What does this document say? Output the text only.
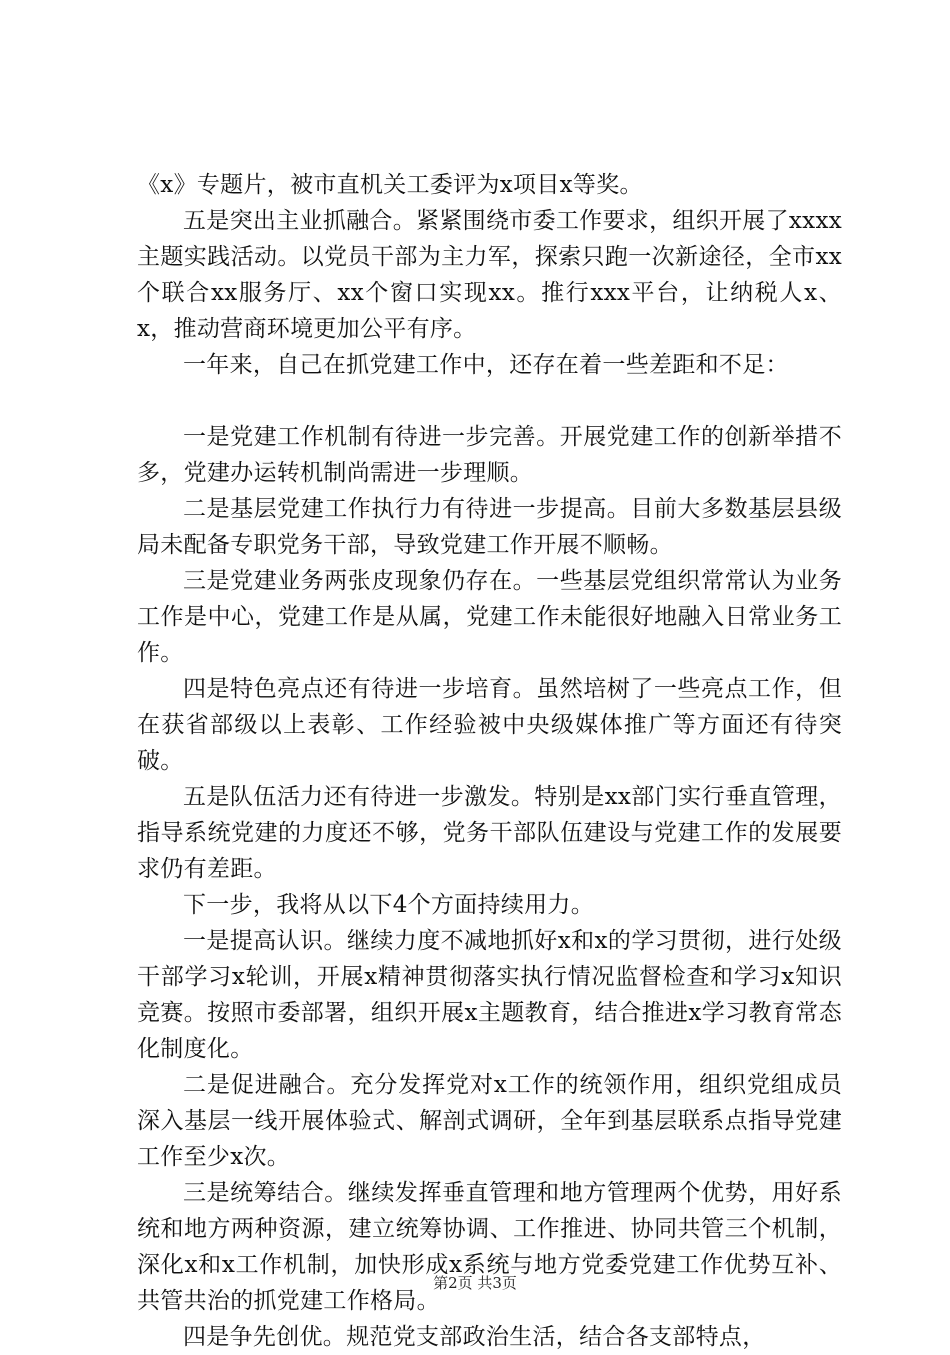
《x》专题片，被市直机关工委评为x项目x等奖。

五是突出主业抓融合。紧紧围绕市委工作要求，组织开展了xxxx主题实践活动。以党员干部为主力军，探索只跑一次新途径，全市xx个联合xx服务厅、xx个窗口实现xx。推行xxx平台，让纳税人x、x，推动营商环境更加公平有序。

一年来，自己在抓党建工作中，还存在着一些差距和不足：

一是党建工作机制有待进一步完善。开展党建工作的创新举措不多，党建办运转机制尚需进一步理顺。

二是基层党建工作执行力有待进一步提高。目前大多数基层县级局未配备专职党务干部，导致党建工作开展不顺畅。

三是党建业务两张皮现象仍存在。一些基层党组织常常认为业务工作是中心，党建工作是从属，党建工作未能很好地融入日常业务工作。

四是特色亮点还有待进一步培育。虽然培树了一些亮点工作，但在获省部级以上表彰、工作经验被中央级媒体推广等方面还有待突破。

五是队伍活力还有待进一步激发。特别是xx部门实行垂直管理，指导系统党建的力度还不够，党务干部队伍建设与党建工作的发展要求仍有差距。

下一步，我将从以下4个方面持续用力。

一是提高认识。继续力度不减地抓好x和x的学习贯彻，进行处级干部学习x轮训，开展x精神贯彻落实执行情况监督检查和学习x知识竞赛。按照市委部署，组织开展x主题教育，结合推进x学习教育常态化制度化。

二是促进融合。充分发挥党对x工作的统领作用，组织党组成员深入基层一线开展体验式、解剖式调研，全年到基层联系点指导党建工作至少x次。

三是统筹结合。继续发挥垂直管理和地方管理两个优势，用好系统和地方两种资源，建立统筹协调、工作推进、协同共管三个机制，深化x和x工作机制，加快形成x系统与地方党委党建工作优势互补、共管共治的抓党建工作格局。

四是争先创优。规范党支部政治生活，结合各支部特点，

第2页 共3页
